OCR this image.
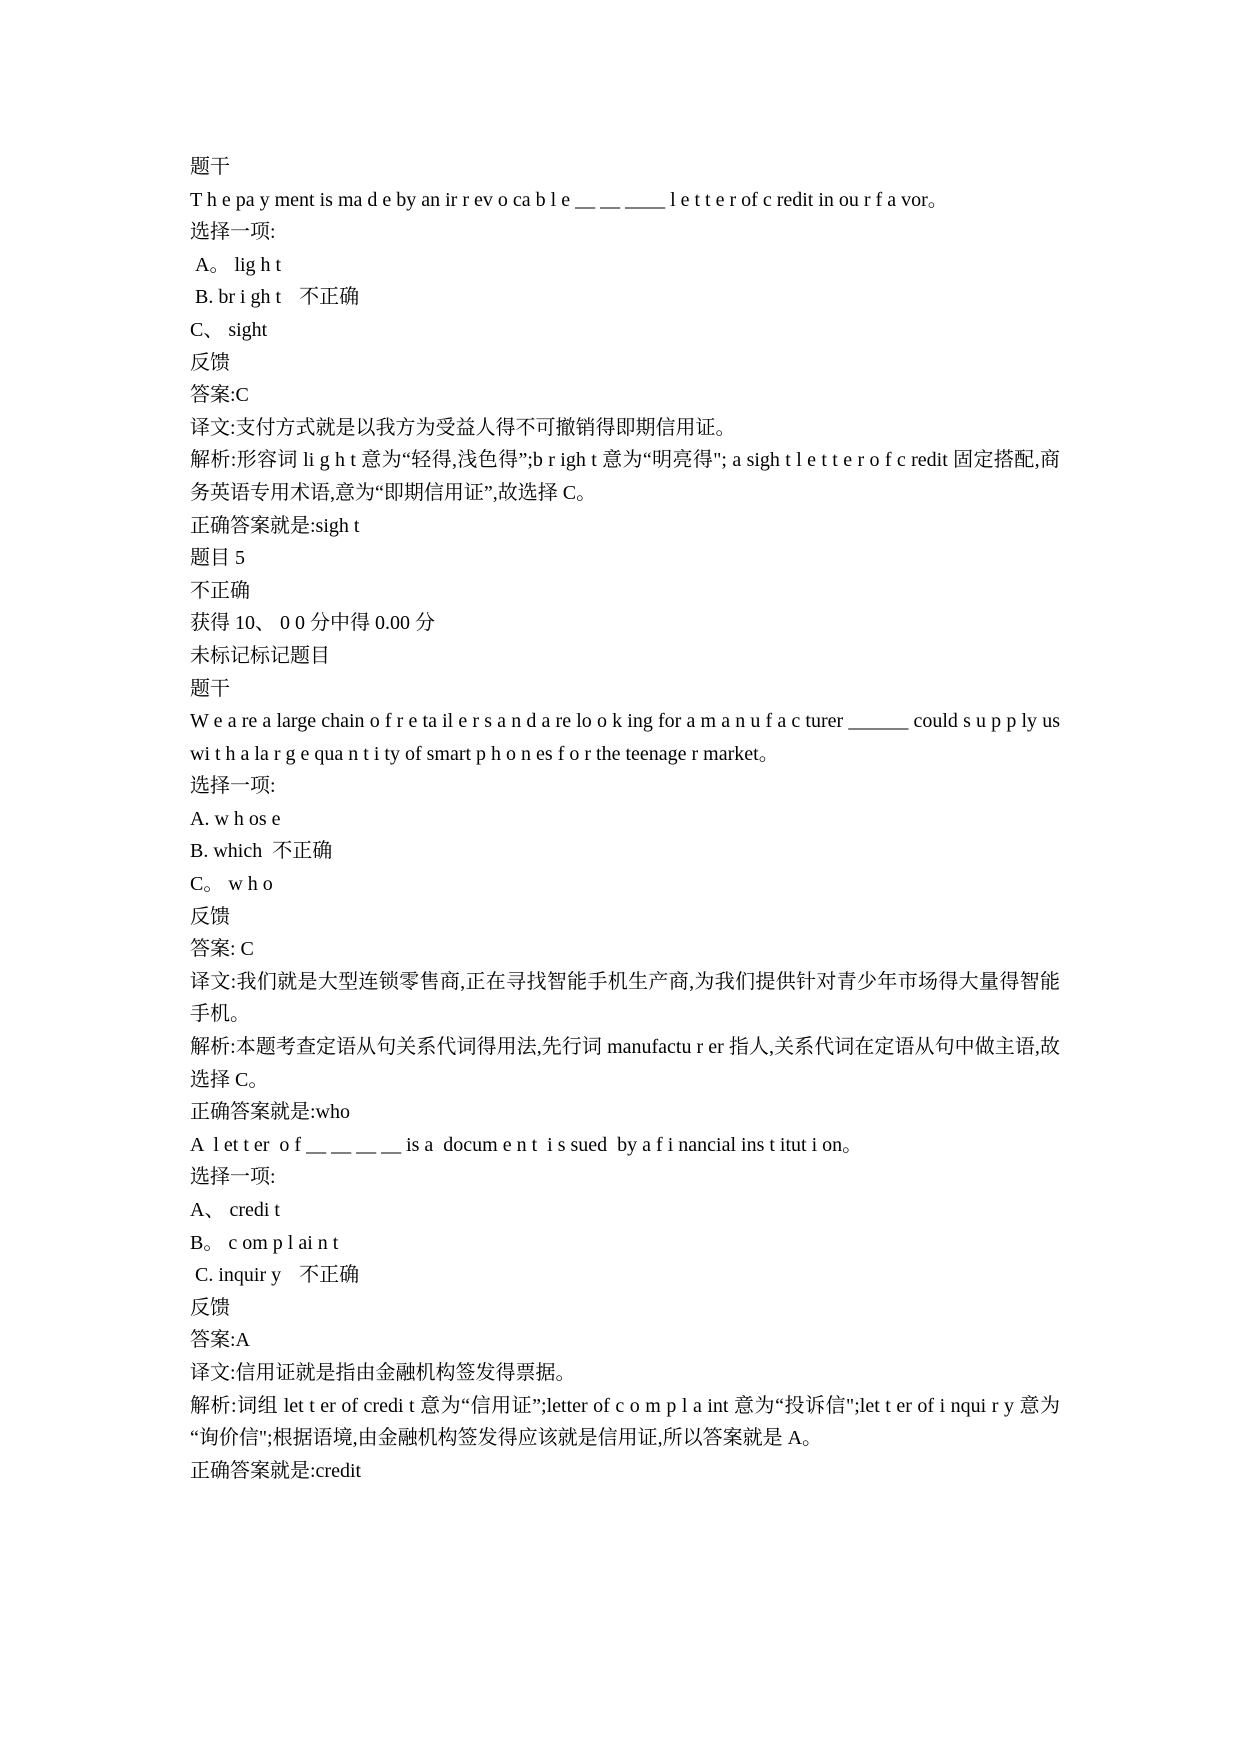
题干
T h e pa y ment is ma d e by an ir r ev o ca b l e __ __ ____ l e t t e r of c redit in ou r f a vor。
选择一项:
A。 lig h t
B. br i gh t 不正确
C、 sight
反馈
答案:C
译文:支付方式就是以我方为受益人得不可撤销得即期信用证。
解析:形容词 li g h t 意为“轻得,浅色得”;b r igh t 意为“明亮得"; a sigh t l e t t e r o f c redit 固定搭配,商务英语专用术语,意为“即期信用证”,故选择 C。
正确答案就是:sigh t
题目 5
不正确
获得 10、 0 0 分中得 0.00 分
未标记标记题目
题干
W e a re a large chain o f r e ta il e r s a n d a re lo o k ing for a m a n u f a c turer ______ could s u p p ly us wi t h a la r g e qua n t i ty of smart p h o n es f o r the teenage r market。
选择一项:
A. w h os e
B. which 不正确
C。 w h o
反馈
答案: C
译文:我们就是大型连锁零售商,正在寻找智能手机生产商,为我们提供针对青少年市场得大量得智能手机。
解析:本题考查定语从句关系代词得用法,先行词 manufactu r er 指人,关系代词在定语从句中做主语,故选择 C。
正确答案就是:who
A  l et t er  o f __ __ __ __ is a  docum e n t  i s sued  by a f i nancial ins t itut i on。
选择一项:
A、 credi t
B。 c om p l ai n t
C. inquir y 不正确
反馈
答案:A
译文:信用证就是指由金融机构签发得票据。
解析:词组 let t er of credi t 意为“信用证”;letter of c o m p l a int 意为“投诉信";let t er of i nqui r y 意为 “询价信";根据语境,由金融机构签发得应该就是信用证,所以答案就是 A。
正确答案就是:credit
